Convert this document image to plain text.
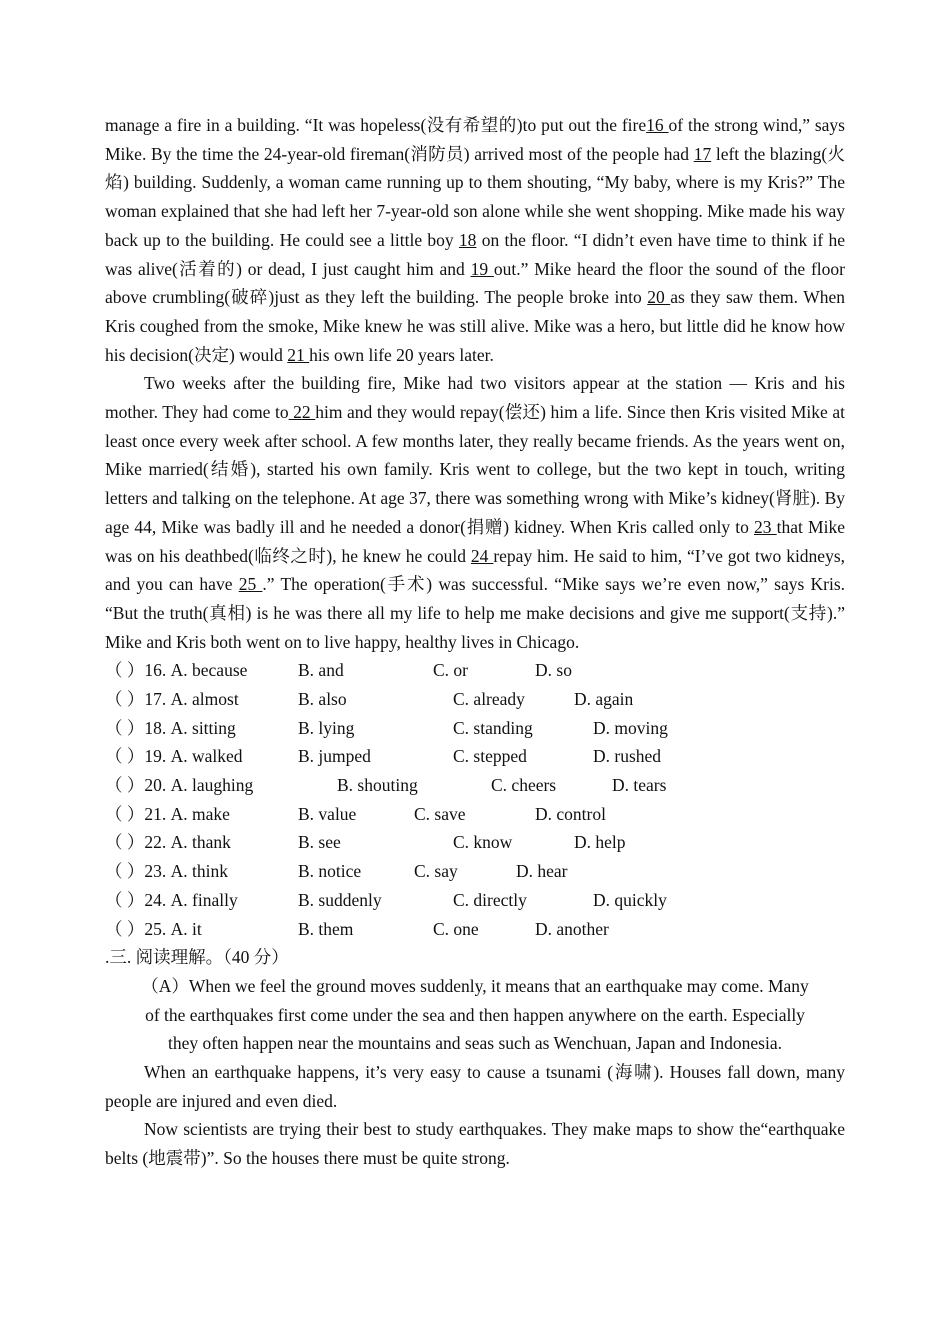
manage a fire in a building. “It was hopeless(没有希望的)to put out the fire16 of the strong wind,” says Mike. By the time the 24-year-old fireman(消防员) arrived most of the people had 17 left the blazing(火焰) building. Suddenly, a woman came running up to them shouting, “My baby, where is my Kris?” The woman explained that she had left her 7-year-old son alone while she went shopping. Mike made his way back up to the building. He could see a little boy 18 on the floor. “I didn’t even have time to think if he was alive(活着的) or dead, I just caught him and 19 out.” Mike heard the floor the sound of the floor above crumbling(破碎)just as they left the building. The people broke into 20 as they saw them. When Kris coughed from the smoke, Mike knew he was still alive. Mike was a hero, but little did he know how his decision(决定) would 21 his own life 20 years later.

Two weeks after the building fire, Mike had two visitors appear at the station — Kris and his mother. They had come to 22 him and they would repay(偿还) him a life. Since then Kris visited Mike at least once every week after school. A few months later, they really became friends. As the years went on, Mike married(结婚), started his own family. Kris went to college, but the two kept in touch, writing letters and talking on the telephone. At age 37, there was something wrong with Mike’s kidney(肾脏). By age 44, Mike was badly ill and he needed a donor(捐赠) kidney. When Kris called only to 23 that Mike was on his deathbed(临终之时), he knew he could 24 repay him. He said to him, “I’ve got two kidneys, and you can have 25 .” The operation(手术) was successful. “Mike says we’re even now,” says Kris. “But the truth(真相) is he was there all my life to help me make decisions and give me support(支持).” Mike and Kris both went on to live happy, healthy lives in Chicago.

（ ）16. A. because	B. and	C. or	D. so
（ ）17. A. almost	B. also	C. already	D. again
（ ）18. A. sitting	B. lying	C. standing	D. moving
（ ）19. A. walked	B. jumped	C. stepped	D. rushed
（ ）20. A. laughing	B. shouting	C. cheers	D. tears
（ ）21. A. make	B. value	C. save	D. control
（ ）22. A. thank	B. see	C. know	D. help
（ ）23. A. think	B. notice	C. say	D. hear
（ ）24. A. finally	B. suddenly	C. directly	D. quickly
（ ）25. A. it	B. them	C. one	D. another

.三. 阅读理解。（40 分）

（A）When we feel the ground moves suddenly, it means that an earthquake may come. Many

of the earthquakes first come under the sea and then happen anywhere on the earth. Especially

they often happen near the mountains and seas such as Wenchuan, Japan and Indonesia.

When an earthquake happens, it’s very easy to cause a tsunami (海啸). Houses fall down, many people are injured and even died.

Now scientists are trying their best to study earthquakes. They make maps to show the“earthquake belts (地震带)”. So the houses there must be quite strong.
